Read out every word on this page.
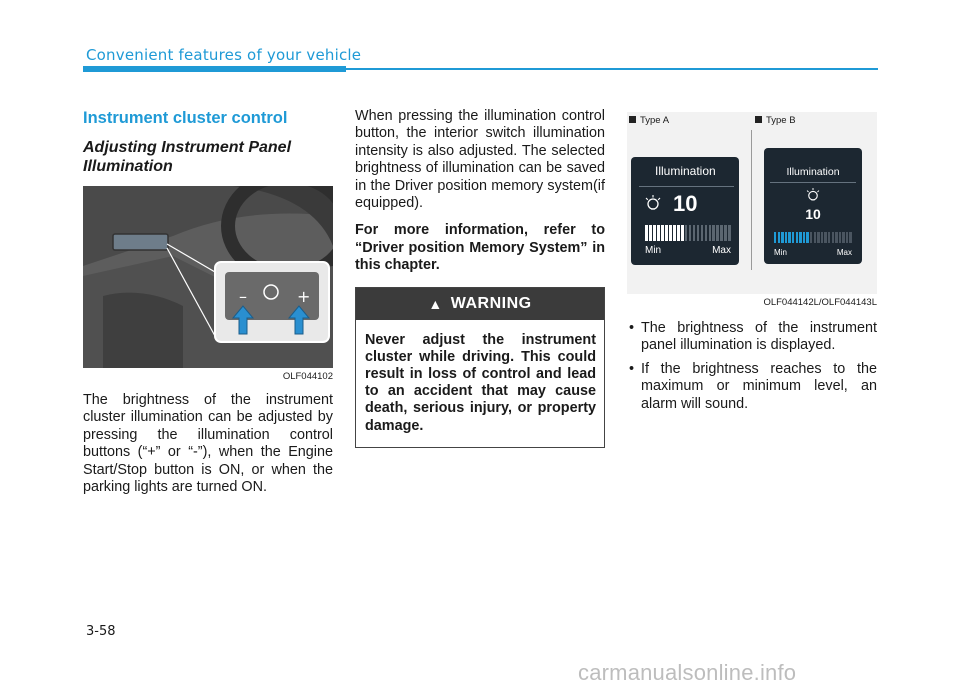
Convenient features of your vehicle
Instrument cluster control
Adjusting Instrument Panel Illumination
–	+
OLF044102

The brightness of the instrument cluster illumination can be adjusted by pressing the illumination control buttons (“+” or “-”), when the Engine Start/Stop button is ON, or when the parking lights are turned ON.

When pressing the illumination control button, the interior switch illumination intensity is also adjusted. The selected brightness of illumination can be saved in the Driver position memory system(if equipped).

For more information, refer to “Driver position Memory System” in this chapter.

▲ WARNING
Never adjust the instrument cluster while driving. This could result in loss of control and lead to an accident that may cause death, serious injury, or property damage.
Type A	Type B
Illumination
10
Min	Max
Illumination
10
Min	Max
OLF044142L/OLF044143L
• The brightness of the instrument panel illumination is displayed.
• If the brightness reaches to the maximum or minimum level, an alarm will sound.
3-58
carmanualsonline.info
